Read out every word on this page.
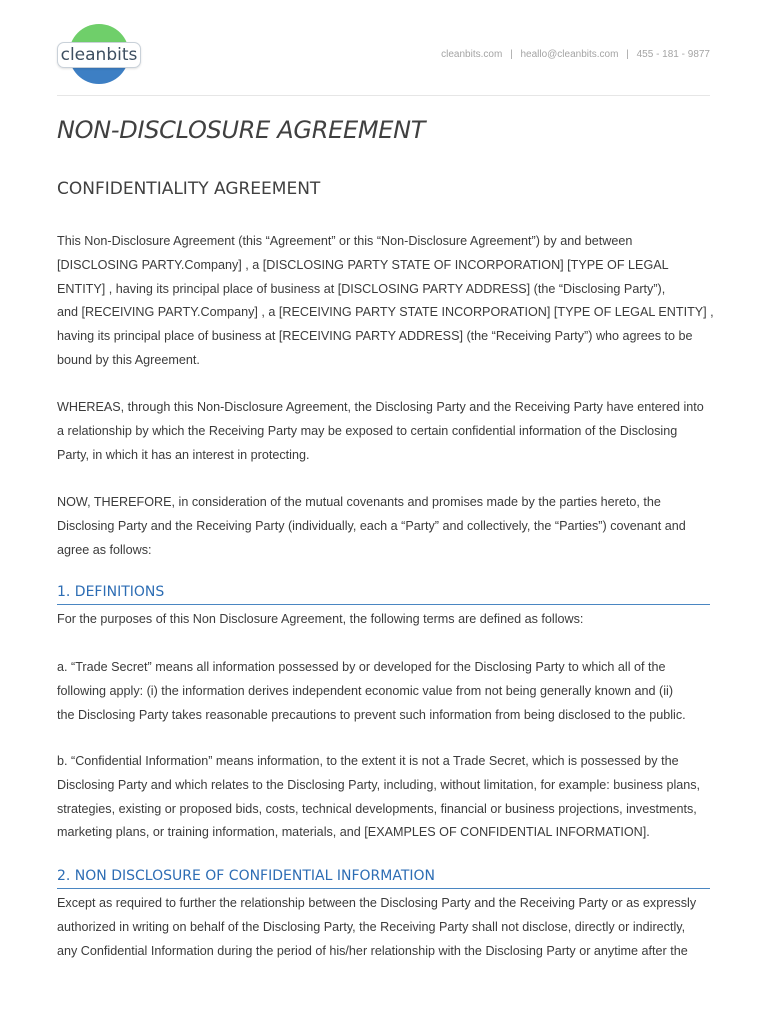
cleanbits	cleanbits.com | heallo@cleanbits.com | 455 - 181 - 9877
NON-DISCLOSURE AGREEMENT
CONFIDENTIALITY AGREEMENT
This Non-Disclosure Agreement (this “Agreement” or this “Non-Disclosure Agreement”) by and between
[DISCLOSING PARTY.Company] , a [DISCLOSING PARTY STATE OF INCORPORATION] [TYPE OF LEGAL
ENTITY] , having its principal place of business at [DISCLOSING PARTY ADDRESS] (the “Disclosing Party”),
and [RECEIVING PARTY.Company] , a [RECEIVING PARTY STATE INCORPORATION] [TYPE OF LEGAL ENTITY] ,
having its principal place of business at [RECEIVING PARTY ADDRESS] (the “Receiving Party”) who agrees to be
bound by this Agreement.
WHEREAS, through this Non-Disclosure Agreement, the Disclosing Party and the Receiving Party have entered into
a relationship by which the Receiving Party may be exposed to certain confidential information of the Disclosing
Party, in which it has an interest in protecting.
NOW, THEREFORE, in consideration of the mutual covenants and promises made by the parties hereto, the
Disclosing Party and the Receiving Party (individually, each a “Party” and collectively, the “Parties”) covenant and
agree as follows:
1. DEFINITIONS
For the purposes of this Non Disclosure Agreement, the following terms are defined as follows:
a. “Trade Secret” means all information possessed by or developed for the Disclosing Party to which all of the
following apply: (i) the information derives independent economic value from not being generally known and (ii)
the Disclosing Party takes reasonable precautions to prevent such information from being disclosed to the public.
b. “Confidential Information” means information, to the extent it is not a Trade Secret, which is possessed by the
Disclosing Party and which relates to the Disclosing Party, including, without limitation, for example: business plans,
strategies, existing or proposed bids, costs, technical developments, financial or business projections, investments,
marketing plans, or training information, materials, and [EXAMPLES OF CONFIDENTIAL INFORMATION].
2. NON DISCLOSURE OF CONFIDENTIAL INFORMATION
Except as required to further the relationship between the Disclosing Party and the Receiving Party or as expressly
authorized in writing on behalf of the Disclosing Party, the Receiving Party shall not disclose, directly or indirectly,
any Confidential Information during the period of his/her relationship with the Disclosing Party or anytime after the
